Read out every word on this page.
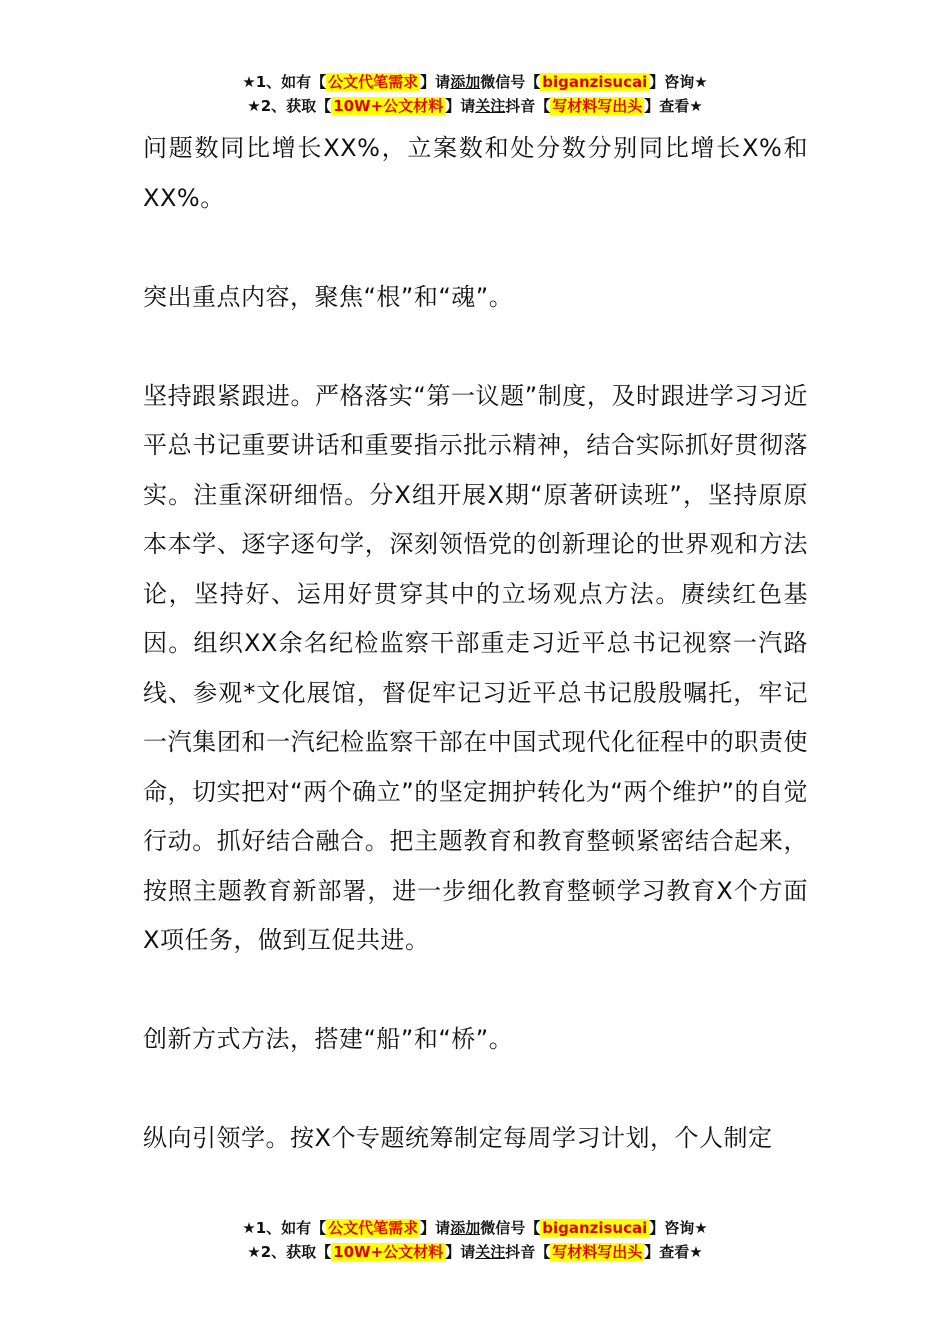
★1、如有【 公文代笔需求 】请添加微信号【 biganzisucai 】咨询★
★2、获取【 10W+公文材料 】请关注抖音【 写材料写出头 】查看★

问题数同比增长XX%，立案数和处分数分别同比增长X%和XX%。

突出重点内容，聚焦“根”和“魂”。

坚持跟紧跟进。严格落实“第一议题”制度，及时跟进学习习近平总书记重要讲话和重要指示批示精神，结合实际抓好贯彻落实。注重深研细悟。分X组开展X期“原著研读班”，坚持原原本本学、逐字逐句学，深刻领悟党的创新理论的世界观和方法论，坚持好、运用好贯穿其中的立场观点方法。赓续红色基因。组织XX余名纪检监察干部重走习近平总书记视察一汽路线、参观*文化展馆，督促牢记习近平总书记殷殷嘱托，牢记一汽集团和一汽纪检监察干部在中国式现代化征程中的职责使命，切实把对“两个确立”的坚定拥护转化为“两个维护”的自觉行动。抓好结合融合。把主题教育和教育整顿紧密结合起来，按照主题教育新部署，进一步细化教育整顿学习教育X个方面X项任务，做到互促共进。

创新方式方法，搭建“船”和“桥”。

纵向引领学。按X个专题统筹制定每周学习计划，个人制定

★1、如有【 公文代笔需求 】请添加微信号【 biganzisucai 】咨询★
★2、获取【 10W+公文材料 】请关注抖音【 写材料写出头 】查看★
